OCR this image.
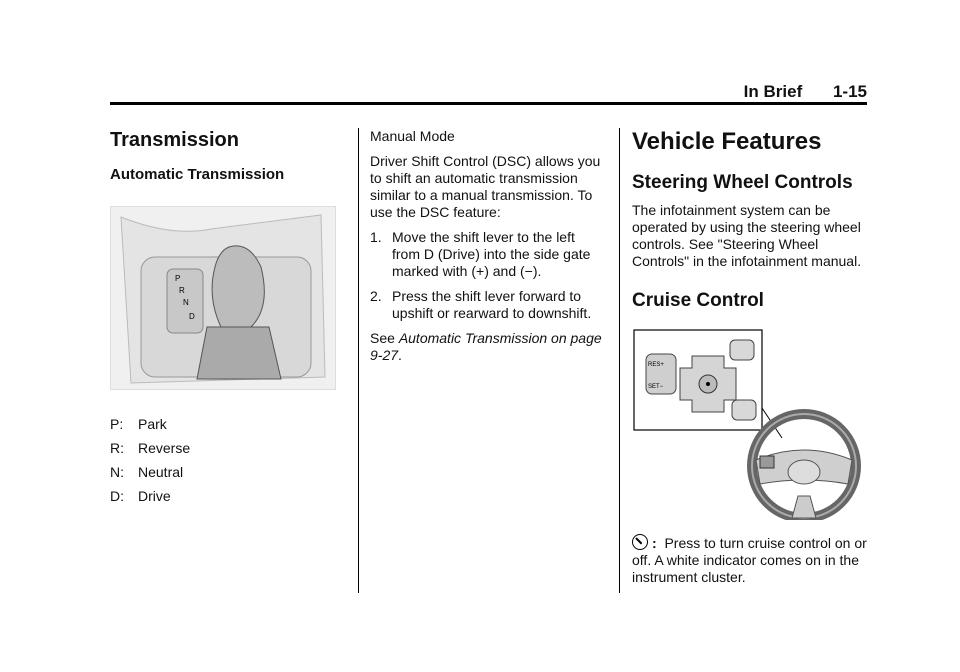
In Brief 1-15
Transmission
Automatic Transmission
P
R
N
D
P: Park
R: Reverse
N: Neutral
D: Drive
Manual Mode

Driver Shift Control (DSC) allows you to shift an automatic transmission similar to a manual transmission. To use the DSC feature:

1. Move the shift lever to the left from D (Drive) into the side gate marked with (+) and (−).
2. Press the shift lever forward to upshift or rearward to downshift.

See Automatic Transmission on page 9-27.

Vehicle Features
Steering Wheel Controls

The infotainment system can be operated by using the steering wheel controls. See "Steering Wheel Controls" in the infotainment manual.

Cruise Control
RES+
SET−

: Press to turn cruise control on or off. A white indicator comes on in the instrument cluster.
